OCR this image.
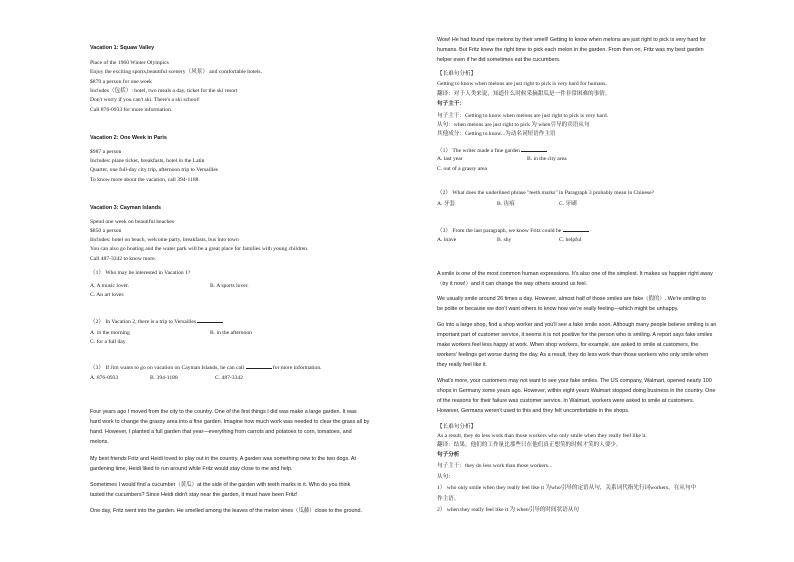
Vacation 1: Squaw Valley
Place of the 1960 Winter Olympics
Enjoy the exciting sports,beautiful scenery（风景） and comfortable hotels.
$879 a person for one week
Includes（包括）: hotel, two meals a day, ticket for the ski resort
Don't worry if you can't ski. There's a ski school!
Call 876-0933 for more information.
Vacation 2: One Week in Paris
$987 a person
Includes: plane ticket, breakfasts, hotel in the Latin
Quarter, one full-day city trip, afternoon trip to Versailles
To know more about the vacation, call 394-1188.
Vacation 3: Cayman Islands
Spend one week on beautiful beaches
$850 a person
Includes: hotel on beach, welcome party, breakfasts, bus into town
You can also go boating and the water park will be a great place for families with young children.
Call 487-3342 to know more.
（1） Who may be interested in Vacation 1?
A. A music lover.	B. A sports lover.
C. An art lover.
（2） In Vacation 2, there is a trip to Versailles
A. in the morning	B. in the afternoon
C. for a full day
（3） If Jim wants to go on vacation on Cayman Islands, he can call	for more information.
A. 876-0933	B. 394-1188	C. 487-3342
Four years ago I moved from the city to the country. One of the first things I did was make a large garden. It was
hard work to change the grassy area into a fine garden. Imagine how much work was needed to clear the grass all by
hand. However, I planted a full garden that year—everything from carrots and potatoes to corn, tomatoes, and
melons.
My best friends Fritz and Heidi loved to play out in the country. A garden was something new to the two dogs. At
gardening time, Heidi liked to run around while Fritz would stay close to me and help.
Sometimes I would find a cucumber（黄瓜）at the side of the garden with teeth marks in it. Who do you think
tasted the cucumbers? Since Heidi didn't stay near the garden, it must have been Fritz!
One day, Fritz went into the garden. He smelled among the leaves of the melon vines（瓜藤）close to the ground.
Wow! He had found ripe melons by their smell! Getting to know when melons are just right to pick is very hard for
humans. But Fritz knew the right time to pick each melon in the garden. From then on, Fritz was my best garden
helper even if he did sometimes eat the cucumbers.
【长难句分析】
Getting to know when melons are just right to pick is very hard for humans.
翻译：对于人类来说，知道什么时候采摘甜瓜是一件非常困难的事情。
句子主干：
句子主干：Getting to know when melons are just right to pick is very hard.
从句：when melons are just right to pick 为 when引导的宾语从句
其他成分：Getting to know...为动名词短语作主语
（1） The writer made a fine garden
A. last year	B. in the city area
C. out of a grassy area
（2） What does the underlined phrase "teeth marks" in Paragraph 3 probably mean in Chinese?
A. 牙套	B. 齿痕	C. 牙刷
（3） From the last paragraph, we know Fritz could be
A. brave	B. shy	C. helpful
A smile is one of the most common human expressions. It's also one of the simplest. It makes us happier right away
（try it now!）and it can change the way others around us feel.
We usually smile around 26 times a day. However, almost half of those smiles are fake（假的）. We're smiling to
be polite or because we don't want others to know how we're really feeling—which might be unhappy.
Go into a large shop, find a shop worker and you'll see a fake smile soon. Although many people believe smiling is an
important part of customer service, it seems it is not positive for the person who is smiling. A report says fake smiles
make workers feel less happy at work. When shop workers, for example, are asked to smile at customers, the
workers' feelings get worse during the day. As a result, they do less work than those workers who only smile when
they really feel like it.
What's more, your customers may not want to see your fake smiles. The US company, Walmart, opened nearly 100
shops in Germany some years ago. However, within eight years Walmart stopped doing business in the country. One
of the reasons for their failure was customer service. In Walmart, workers were asked to smile at customers.
However, Germans weren't used to this and they felt uncomfortable in the shops.
【长难句分析】
As a result, they do less work than those workers who only smile when they really feel like it.
翻译：结果，他们的工作量比那些只在他们真正想笑的时候才笑的人要少。
句子分析
句子主干：they do less work than those workers...
从句：
1） who only smile when they really feel like it 为who引导的定语从句，关系词代指先行词workers，在从句中
作主语。
2） when they really feel like it 为 when引导的时间状语从句
